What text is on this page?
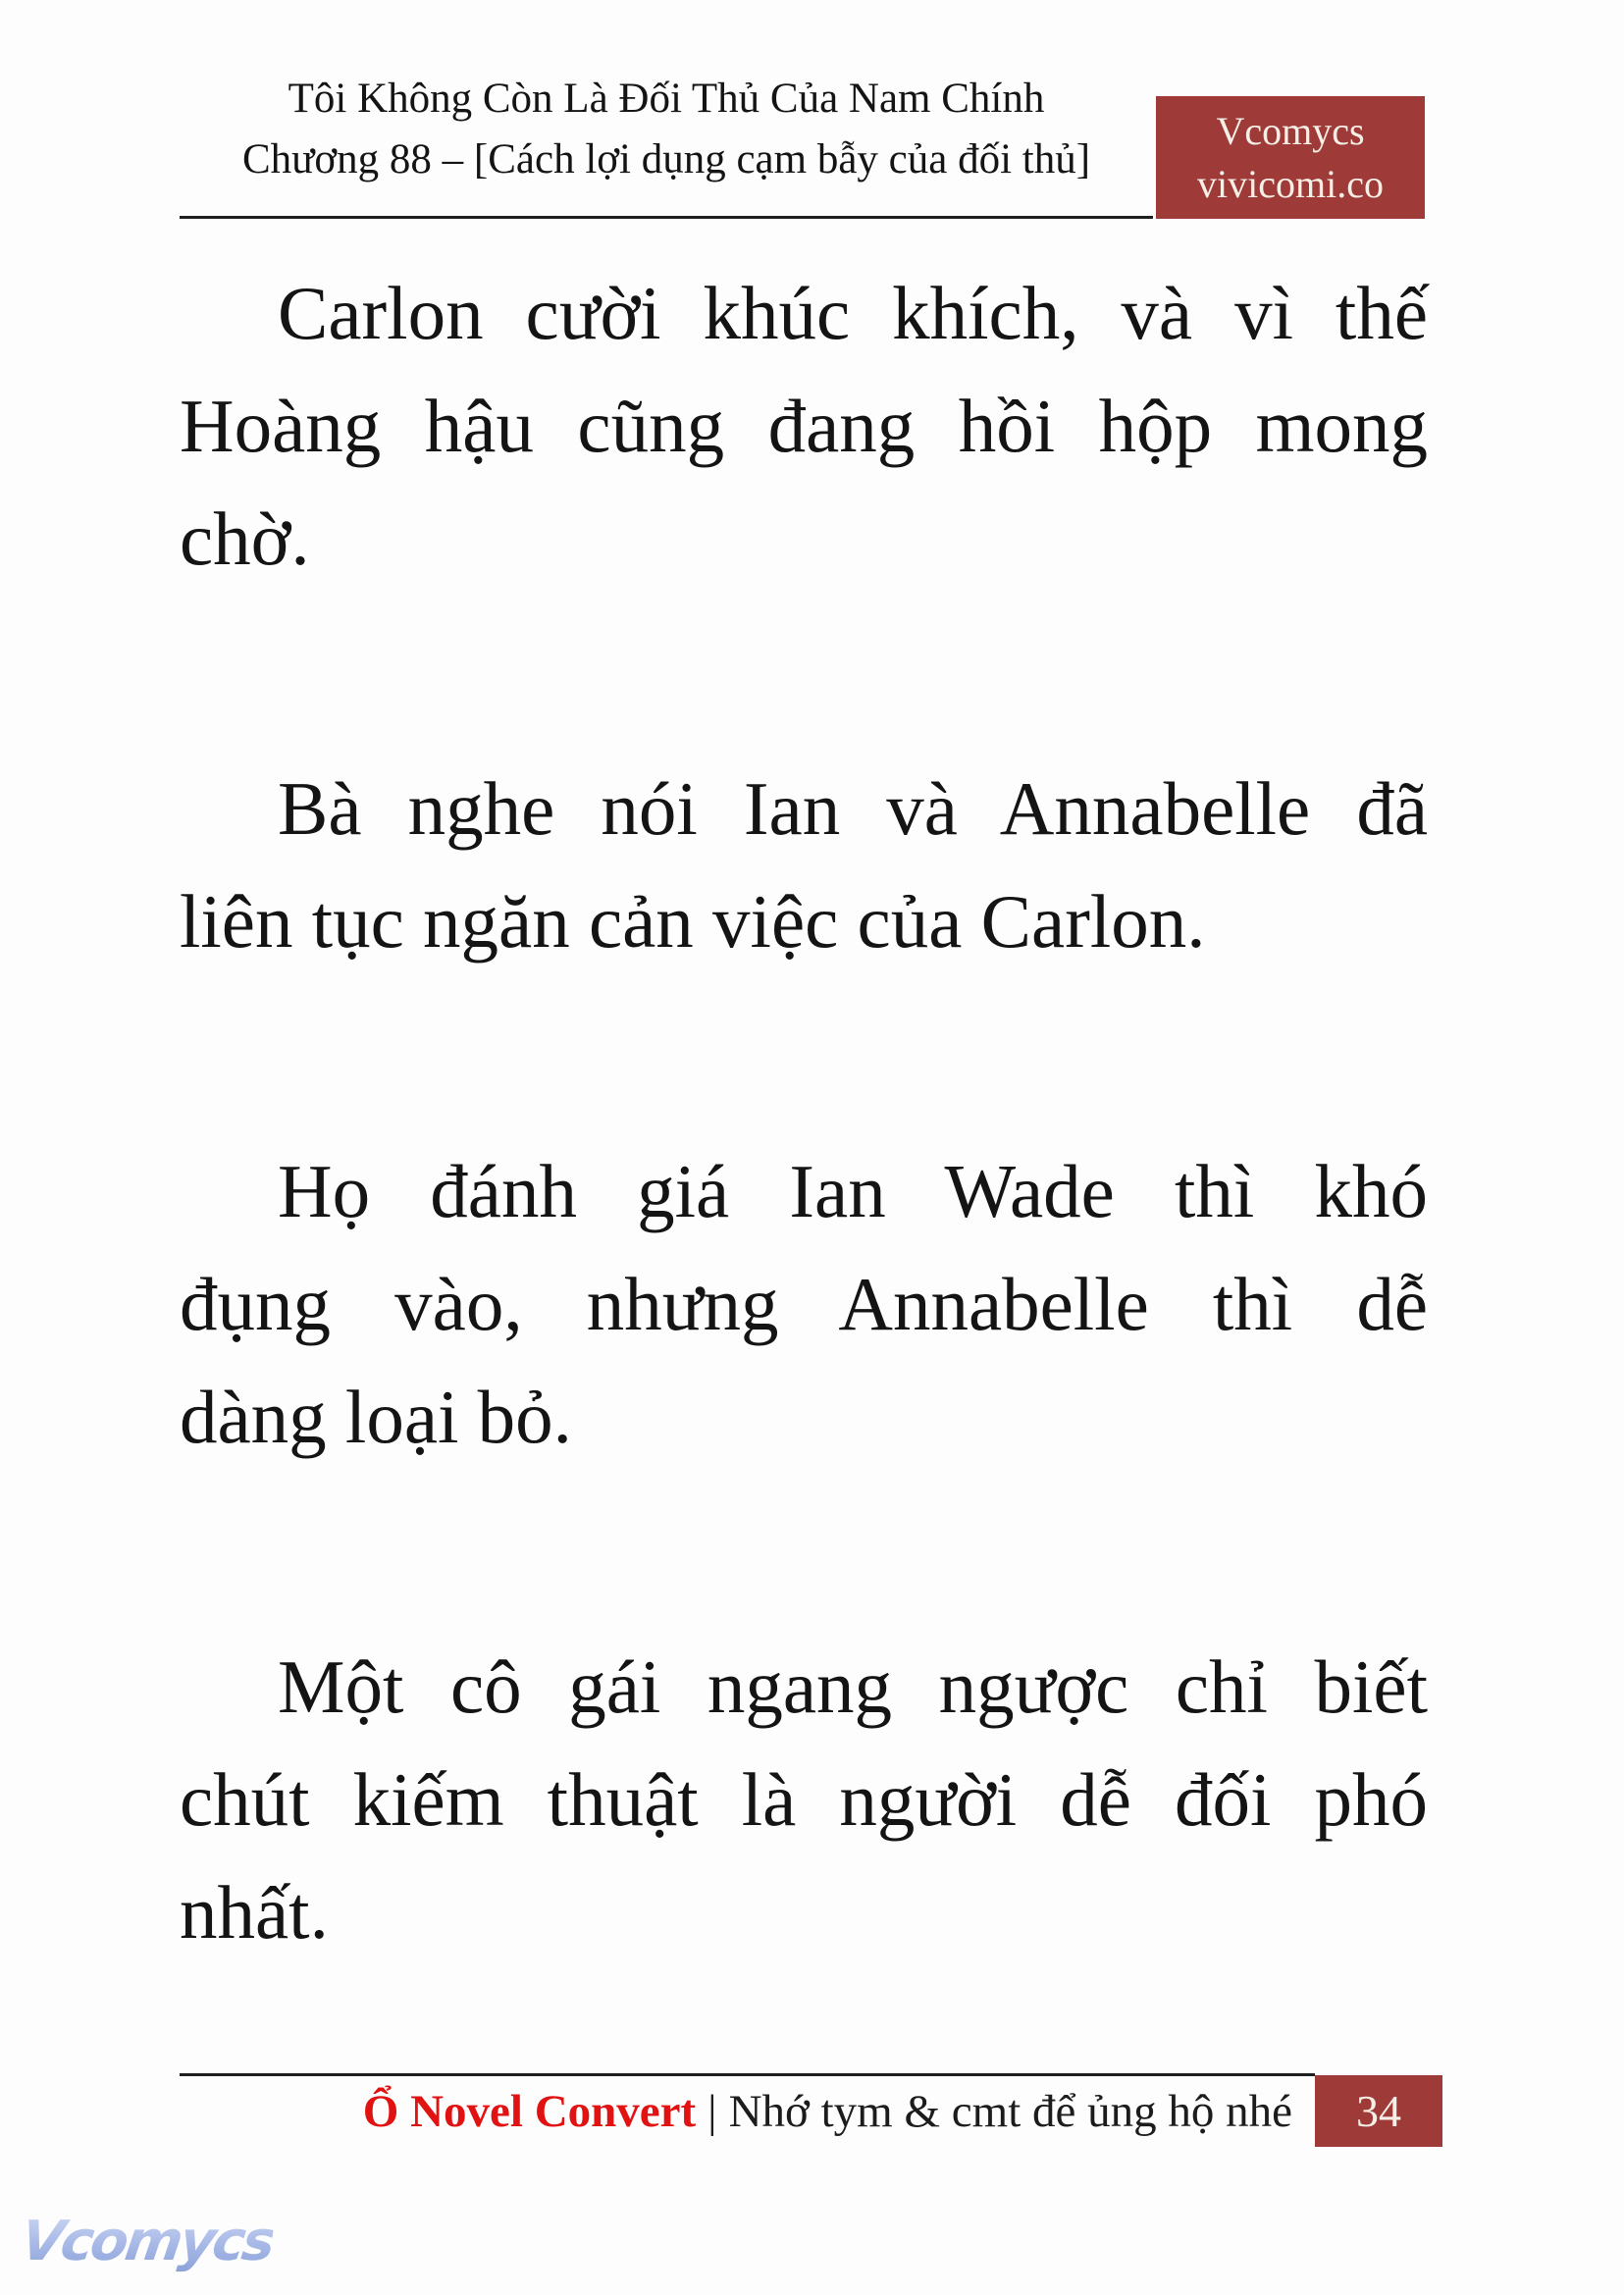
Tôi Không Còn Là Đối Thủ Của Nam Chính
Chương 88 – [Cách lợi dụng cạm bẫy của đối thủ]
Vcomycs
vivicomi.co

Carlon cười khúc khích, và vì thế
Hoàng hậu cũng đang hồi hộp mong
chờ.

Bà nghe nói Ian và Annabelle đã
liên tục ngăn cản việc của Carlon.

Họ đánh giá Ian Wade thì khó
đụng vào, nhưng Annabelle thì dễ
dàng loại bỏ.

Một cô gái ngang ngược chỉ biết
chút kiếm thuật là người dễ đối phó
nhất.

Ổ Novel Convert | Nhớ tym & cmt để ủng hộ nhé 34
Vcomycs
